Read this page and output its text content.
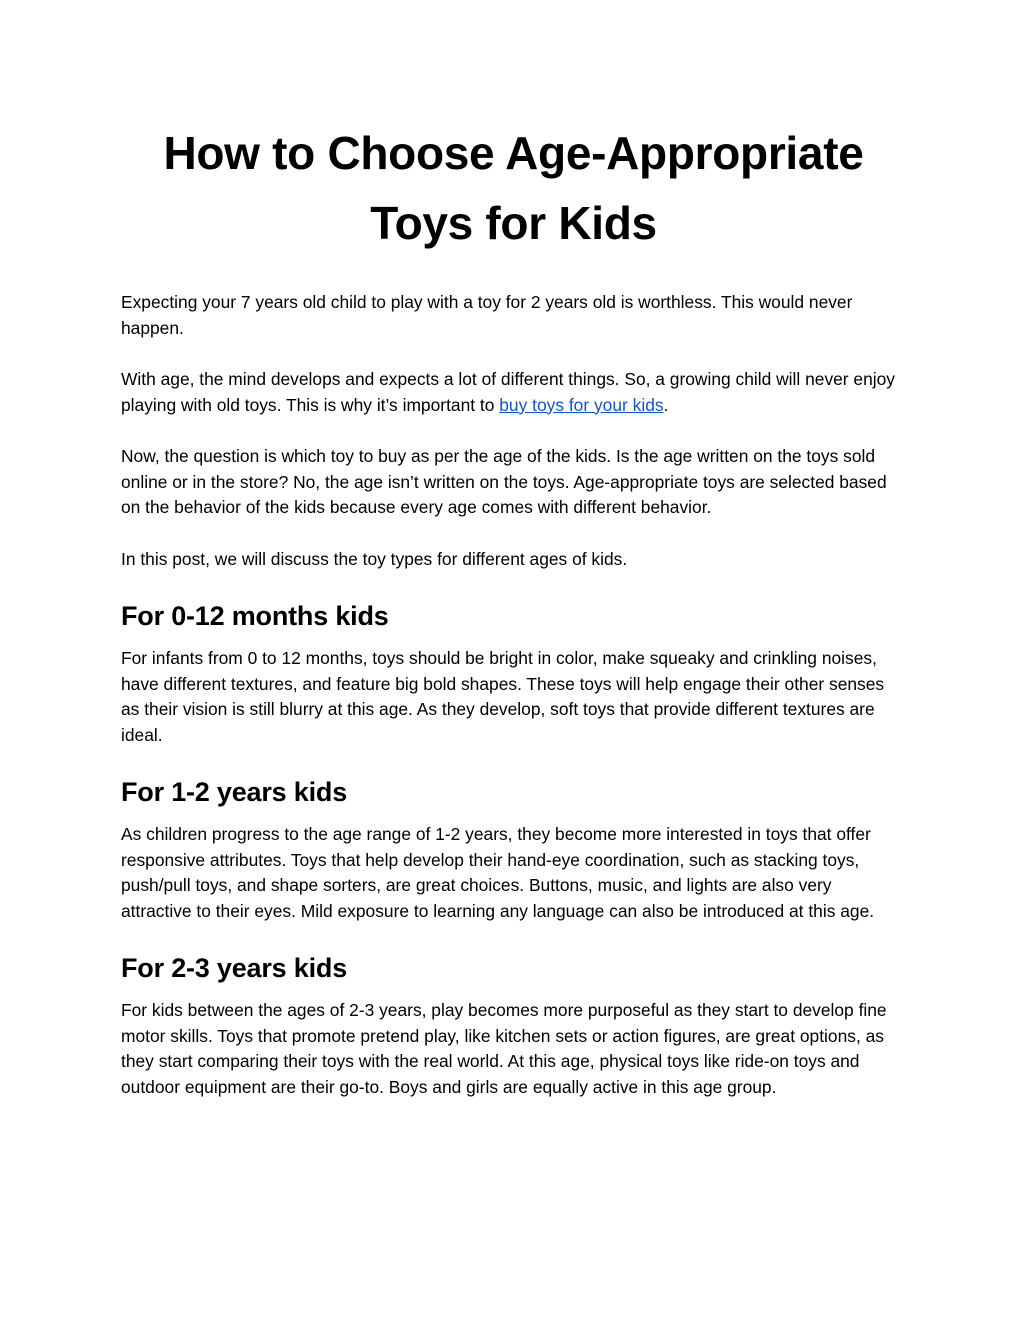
How to Choose Age-Appropriate Toys for Kids

Expecting your 7 years old child to play with a toy for 2 years old is worthless. This would never happen.

With age, the mind develops and expects a lot of different things. So, a growing child will never enjoy playing with old toys. This is why it’s important to buy toys for your kids.

Now, the question is which toy to buy as per the age of the kids. Is the age written on the toys sold online or in the store? No, the age isn’t written on the toys. Age-appropriate toys are selected based on the behavior of the kids because every age comes with different behavior.

In this post, we will discuss the toy types for different ages of kids.

For 0-12 months kids

For infants from 0 to 12 months, toys should be bright in color, make squeaky and crinkling noises, have different textures, and feature big bold shapes. These toys will help engage their other senses as their vision is still blurry at this age. As they develop, soft toys that provide different textures are ideal.

For 1-2 years kids

As children progress to the age range of 1-2 years, they become more interested in toys that offer responsive attributes. Toys that help develop their hand-eye coordination, such as stacking toys, push/pull toys, and shape sorters, are great choices. Buttons, music, and lights are also very attractive to their eyes. Mild exposure to learning any language can also be introduced at this age.

For 2-3 years kids

For kids between the ages of 2-3 years, play becomes more purposeful as they start to develop fine motor skills. Toys that promote pretend play, like kitchen sets or action figures, are great options, as they start comparing their toys with the real world. At this age, physical toys like ride-on toys and outdoor equipment are their go-to. Boys and girls are equally active in this age group.
